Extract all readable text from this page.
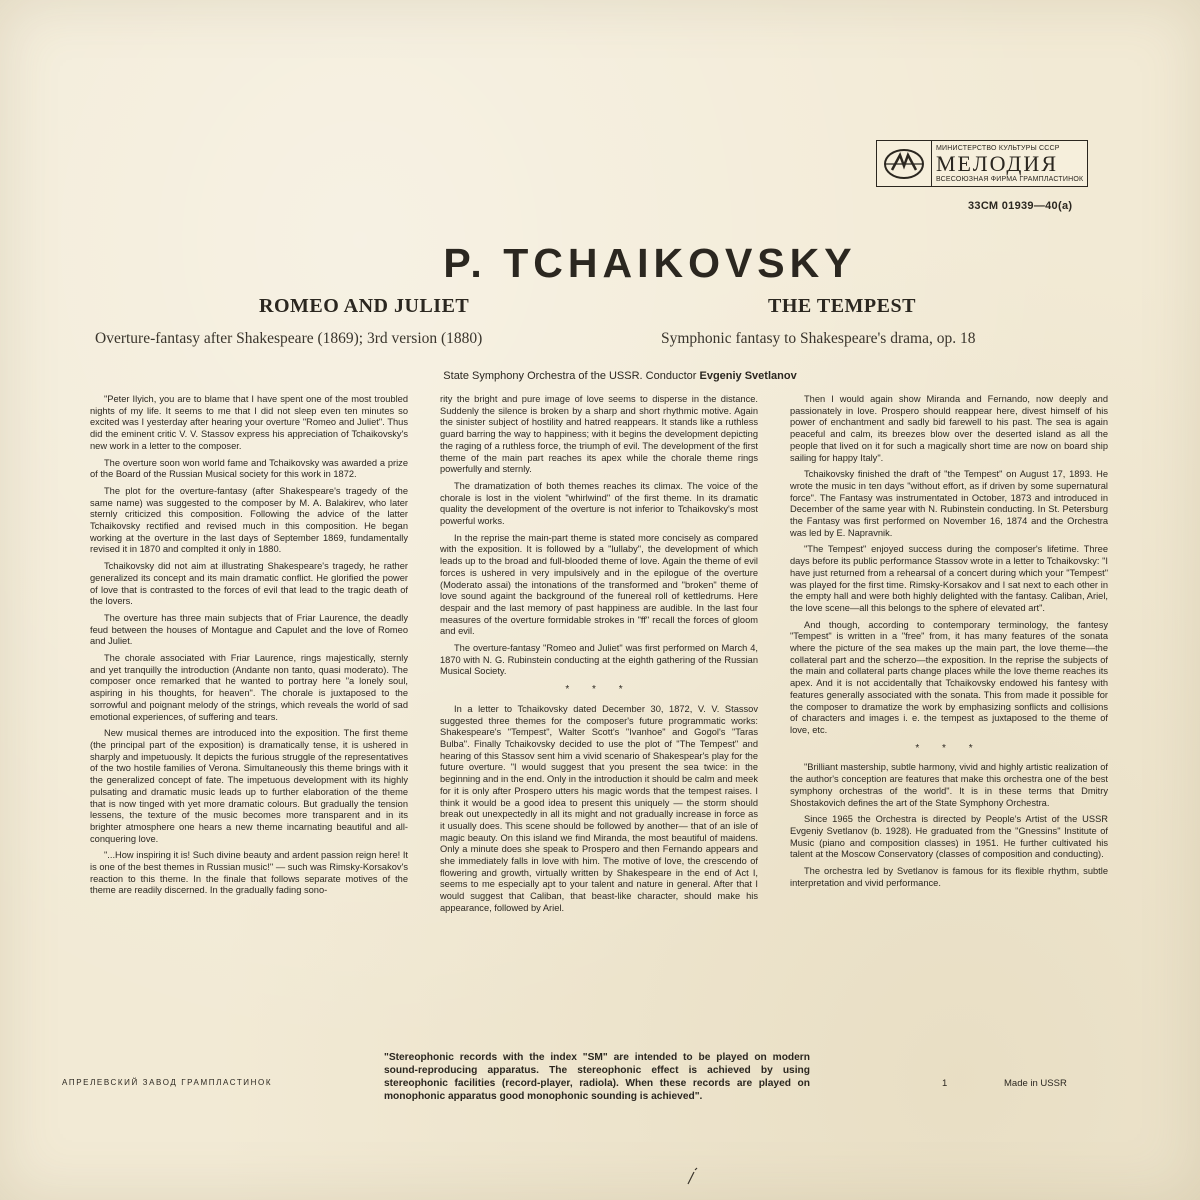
МИНИСТЕРСТВО КУЛЬТУРЫ СССР
МЕЛОДИЯ
ВСЕСОЮЗНАЯ ФИРМА ГРАМПЛАСТИНОК
33СМ 01939—40(а)
P. TCHAIKOVSKY
ROMEO AND JULIET
Overture-fantasy after Shakespeare (1869); 3rd version (1880)
THE TEMPEST
Symphonic fantasy to Shakespeare's drama, op. 18
State Symphony Orchestra of the USSR. Conductor Evgeniy Svetlanov

"Peter Ilyich, you are to blame that I have spent one of the most troubled nights of my life. It seems to me that I did not sleep even ten minutes so excited was I yesterday after hearing your overture "Romeo and Juliet". Thus did the eminent critic V. V. Stassov express his appreciation of Tchaikovsky's new work in a letter to the composer.

The overture soon won world fame and Tchaikovsky was awarded a prize of the Board of the Russian Musical society for this work in 1872.

The plot for the overture-fantasy (after Shakespeare's tragedy of the same name) was suggested to the composer by M. A. Balakirev, who later sternly criticized this composition. Following the advice of the latter Tchaikovsky rectified and revised much in this composition. He began working at the overture in the last days of September 1869, fundamentally revised it in 1870 and complted it only in 1880.

Tchaikovsky did not aim at illustrating Shakespeare's tragedy, he rather generalized its concept and its main dramatic conflict. He glorified the power of love that is contrasted to the forces of evil that lead to the tragic death of the lovers.

The overture has three main subjects that of Friar Laurence, the deadly feud between the houses of Montague and Capulet and the love of Romeo and Juliet.

The chorale associated with Friar Laurence, rings majestically, sternly and yet tranquilly the introduction (Andante non tanto, quasi moderato). The composer once remarked that he wanted to portray here "a lonely soul, aspiring in his thoughts, for heaven". The chorale is juxtaposed to the sorrowful and poignant melody of the strings, which reveals the world of sad emotional experiences, of suffering and tears.

New musical themes are introduced into the exposition. The first theme (the principal part of the exposition) is dramatically tense, it is ushered in sharply and impetuously. It depicts the furious struggle of the representatives of the two hostile families of Verona. Simultaneously this theme brings with it the generalized concept of fate. The impetuous development with its highly pulsating and dramatic music leads up to further elaboration of the theme that is now tinged with yet more dramatic colours. But gradually the tension lessens, the texture of the music becomes more transparent and in its brighter atmosphere one hears a new theme incarnating beautiful and all-conquering love.

"...How inspiring it is! Such divine beauty and ardent passion reign here! It is one of the best themes in Russian music!" — such was Rimsky-Korsakov's reaction to this theme. In the finale that follows separate motives of the theme are readily discerned. In the gradually fading sono-

rity the bright and pure image of love seems to disperse in the distance. Suddenly the silence is broken by a sharp and short rhythmic motive. Again the sinister subject of hostility and hatred reappears. It stands like a ruthless guard barring the way to happiness; with it begins the development depicting the raging of a ruthless force, the triumph of evil. The development of the first theme of the main part reaches its apex while the chorale theme rings powerfully and sternly.

The dramatization of both themes reaches its climax. The voice of the chorale is lost in the violent "whirlwind" of the first theme. In its dramatic quality the development of the overture is not inferior to Tchaikovsky's most powerful works.

In the reprise the main-part theme is stated more concisely as compared with the exposition. It is followed by a "lullaby", the development of which leads up to the broad and full-blooded theme of love. Again the theme of evil forces is ushered in very impulsively and in the epilogue of the overture (Moderato assai) the intonations of the transformed and "broken" theme of love sound againt the background of the funereal roll of kettledrums. Here despair and the last memory of past happiness are audible. In the last four measures of the overture formidable strokes in "ff" recall the forces of gloom and evil.

The overture-fantasy "Romeo and Juliet" was first performed on March 4, 1870 with N. G. Rubinstein conducting at the eighth gathering of the Russian Musical Society.

* * *

In a letter to Tchaikovsky dated December 30, 1872, V. V. Stassov suggested three themes for the composer's future programmatic works: Shakespeare's "Tempest", Walter Scott's "Ivanhoe" and Gogol's "Taras Bulba". Finally Tchaikovsky decided to use the plot of "The Tempest" and hearing of this Stassov sent him a vivid scenario of Shakespear's play for the future overture. "I would suggest that you present the sea twice: in the beginning and in the end. Only in the introduction it should be calm and meek for it is only after Prospero utters his magic words that the tempest raises. I think it would be a good idea to present this uniquely — the storm should break out unexpectedly in all its might and not gradually increase in force as it usually does. This scene should be followed by another— that of an isle of magic beauty. On this island we find Miranda, the most beautiful of maidens. Only a minute does she speak to Prospero and then Fernando appears and she immediately falls in love with him. The motive of love, the crescendo of flowering and growth, virtually written by Shakespeare in the end of Act I, seems to me especially apt to your talent and nature in general. After that I would suggest that Caliban, that beast-like character, should make his appearance, followed by Ariel.

Then I would again show Miranda and Fernando, now deeply and passionately in love. Prospero should reappear here, divest himself of his power of enchantment and sadly bid farewell to his past. The sea is again peaceful and calm, its breezes blow over the deserted island as all the people that lived on it for such a magically short time are now on board ship sailing for happy Italy".

Tchaikovsky finished the draft of "the Tempest" on August 17, 1893. He wrote the music in ten days "without effort, as if driven by some supernatural force". The Fantasy was instrumentated in October, 1873 and introduced in December of the same year with N. Rubinstein conducting. In St. Petersburg the Fantasy was first performed on November 16, 1874 and the Orchestra was led by E. Napravnik.

"The Tempest" enjoyed success during the composer's lifetime. Three days before its public performance Stassov wrote in a letter to Tchaikovsky: "I have just returned from a rehearsal of a concert during which your "Tempest" was played for the first time. Rimsky-Korsakov and I sat next to each other in the empty hall and were both highly delighted with the fantasy. Caliban, Ariel, the love scene—all this belongs to the sphere of elevated art".

And though, according to contemporary terminology, the fantesy "Tempest" is written in a "free" from, it has many features of the sonata where the picture of the sea makes up the main part, the love theme—the collateral part and the scherzo—the exposition. In the reprise the subjects of the main and collateral parts change places while the love theme reaches its apex. And it is not accidentally that Tchaikovsky endowed his fantesy with features generally associated with the sonata. This from made it possible for the composer to dramatize the work by emphasizing sonflicts and collisions of characters and images i. e. the tempest as juxtaposed to the theme of love, etc.

* * *

"Brilliant mastership, subtle harmony, vivid and highly artistic realization of the author's conception are features that make this orchestra one of the best symphony orchestras of the world". It is in these terms that Dmitry Shostakovich defines the art of the State Symphony Orchestra.

Since 1965 the Orchestra is directed by People's Artist of the USSR Evgeniy Svetlanov (b. 1928). He graduated from the "Gnessins" Institute of Music (piano and composition classes) in 1951. He further cultivated his talent at the Moscow Conservatory (classes of composition and conducting).

The orchestra led by Svetlanov is famous for its flexible rhythm, subtle interpretation and vivid performance.

"Stereophonic records with the index "SM" are intended to be played on modern sound-reproducing apparatus. The stereophonic effect is achieved by using stereophonic facilities (record-player, radiola). When these records are played on monophonic apparatus good monophonic sounding is achieved".
АПРЕЛЕВСКИЙ ЗАВОД ГРАМПЛАСТИНОК	1	Made in USSR
